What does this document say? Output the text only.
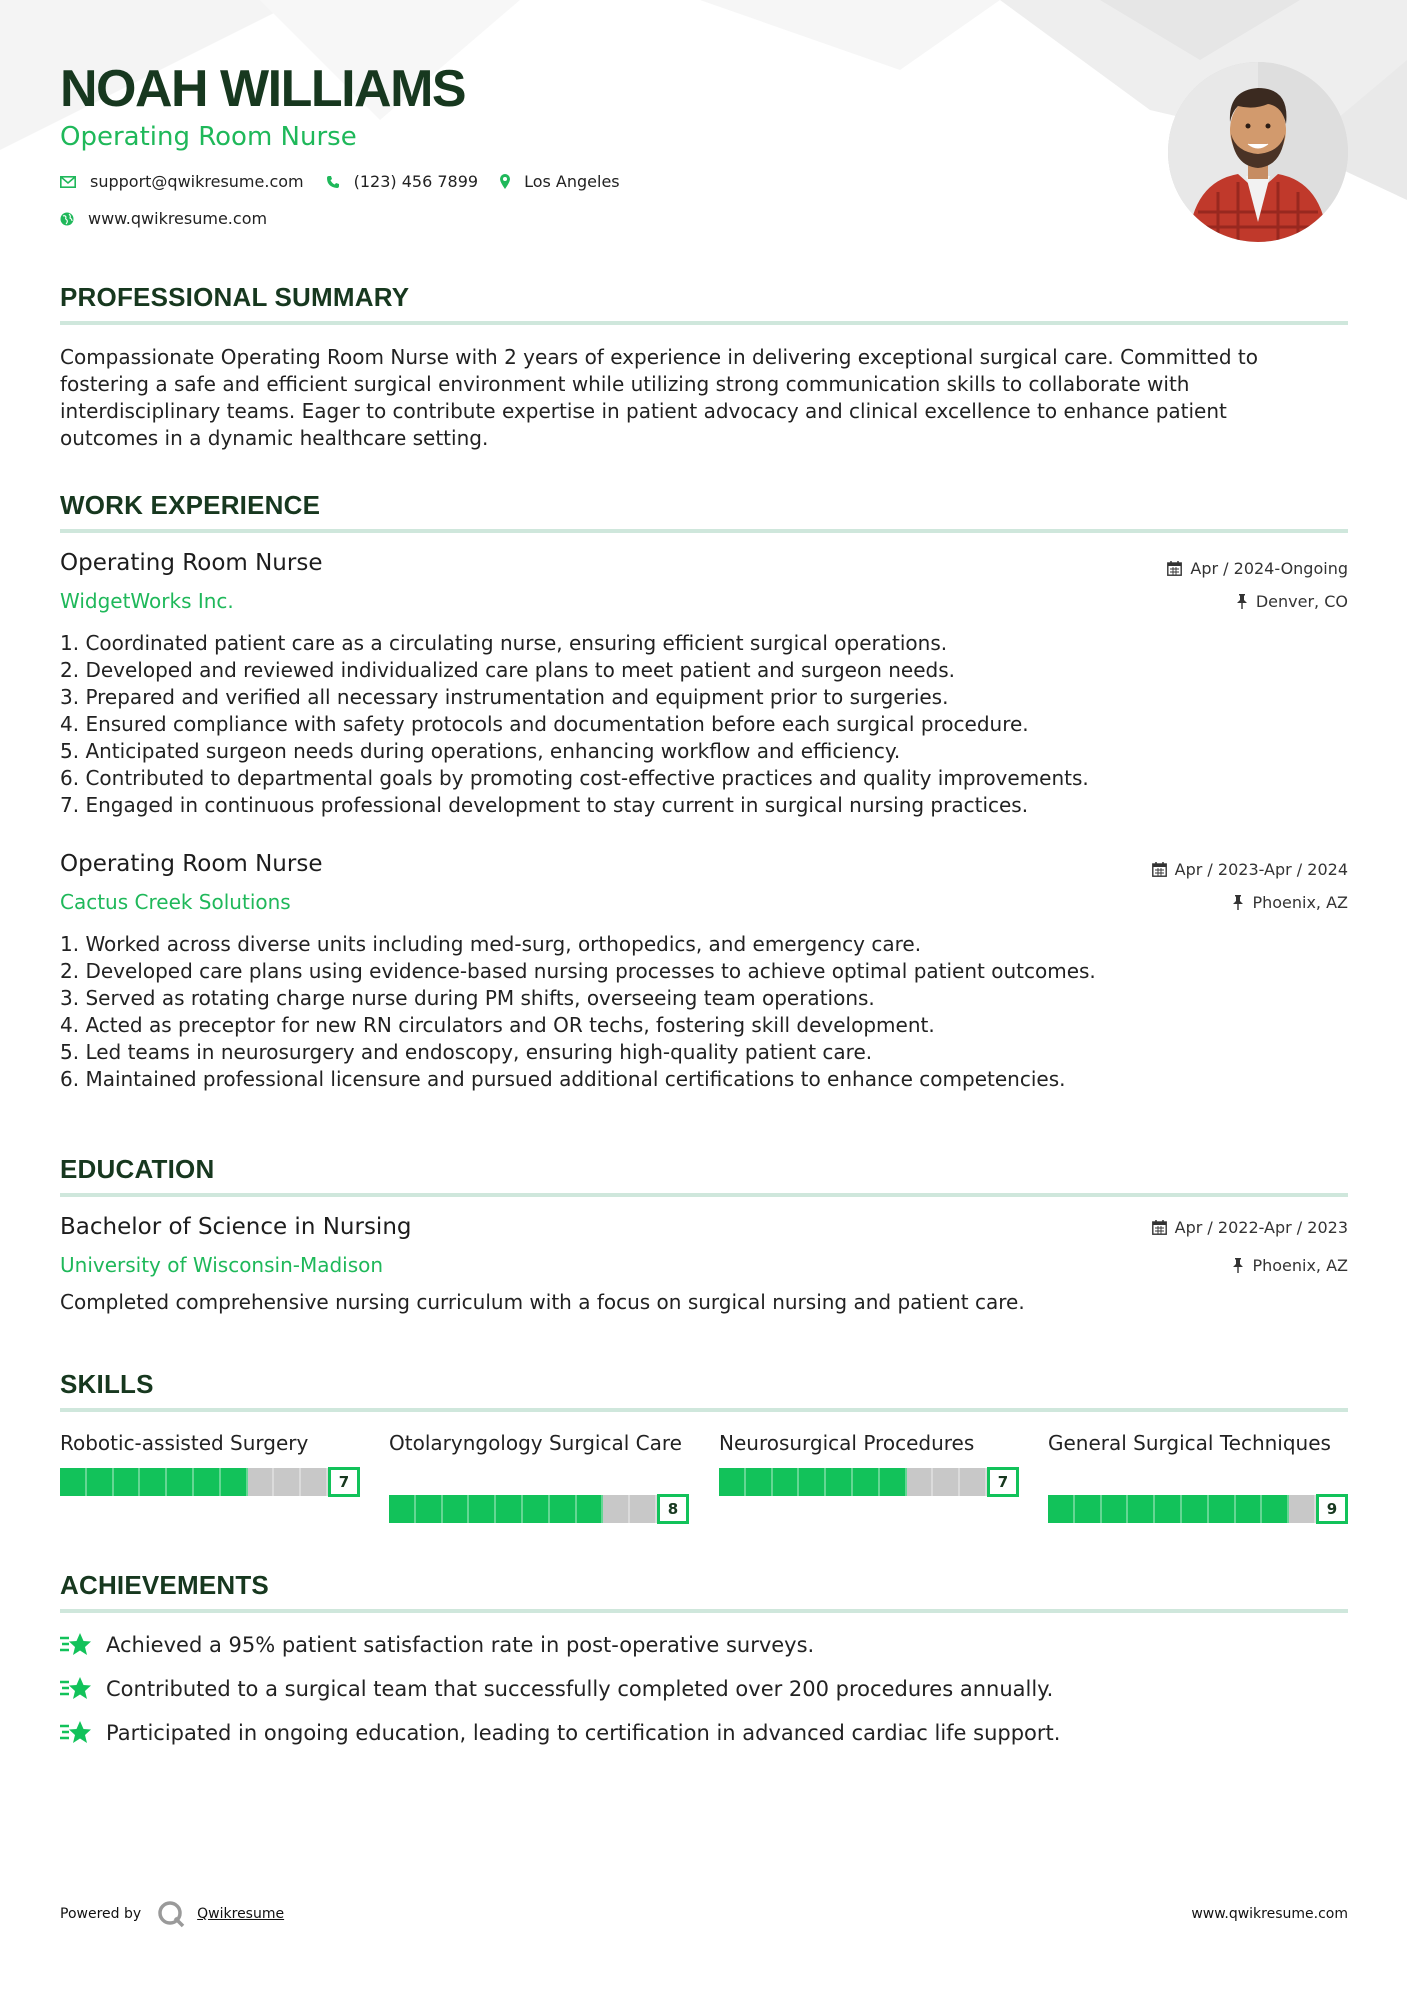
NOAH WILLIAMS
Operating Room Nurse
support@qwikresume.com	(123) 456 7899	Los Angeles
www.qwikresume.com
PROFESSIONAL SUMMARY
Compassionate Operating Room Nurse with 2 years of experience in delivering exceptional surgical care. Committed to
fostering a safe and efficient surgical environment while utilizing strong communication skills to collaborate with
interdisciplinary teams. Eager to contribute expertise in patient advocacy and clinical excellence to enhance patient
outcomes in a dynamic healthcare setting.
WORK EXPERIENCE
Operating Room Nurse
WidgetWorks Inc.
Apr / 2024-Ongoing
Denver, CO
1. Coordinated patient care as a circulating nurse, ensuring efficient surgical operations.
2. Developed and reviewed individualized care plans to meet patient and surgeon needs.
3. Prepared and verified all necessary instrumentation and equipment prior to surgeries.
4. Ensured compliance with safety protocols and documentation before each surgical procedure.
5. Anticipated surgeon needs during operations, enhancing workflow and efficiency.
6. Contributed to departmental goals by promoting cost-effective practices and quality improvements.
7. Engaged in continuous professional development to stay current in surgical nursing practices.
Operating Room Nurse
Cactus Creek Solutions
Apr / 2023-Apr / 2024
Phoenix, AZ
1. Worked across diverse units including med-surg, orthopedics, and emergency care.
2. Developed care plans using evidence-based nursing processes to achieve optimal patient outcomes.
3. Served as rotating charge nurse during PM shifts, overseeing team operations.
4. Acted as preceptor for new RN circulators and OR techs, fostering skill development.
5. Led teams in neurosurgery and endoscopy, ensuring high-quality patient care.
6. Maintained professional licensure and pursued additional certifications to enhance competencies.
EDUCATION
Bachelor of Science in Nursing
University of Wisconsin-Madison
Apr / 2022-Apr / 2023
Phoenix, AZ
Completed comprehensive nursing curriculum with a focus on surgical nursing and patient care.
SKILLS
Robotic-assisted Surgery
7
Otolaryngology Surgical Care
8
Neurosurgical Procedures
7
General Surgical Techniques
9
ACHIEVEMENTS
Achieved a 95% patient satisfaction rate in post-operative surveys.
Contributed to a surgical team that successfully completed over 200 procedures annually.
Participated in ongoing education, leading to certification in advanced cardiac life support.
Powered by	Qwikresume	www.qwikresume.com
